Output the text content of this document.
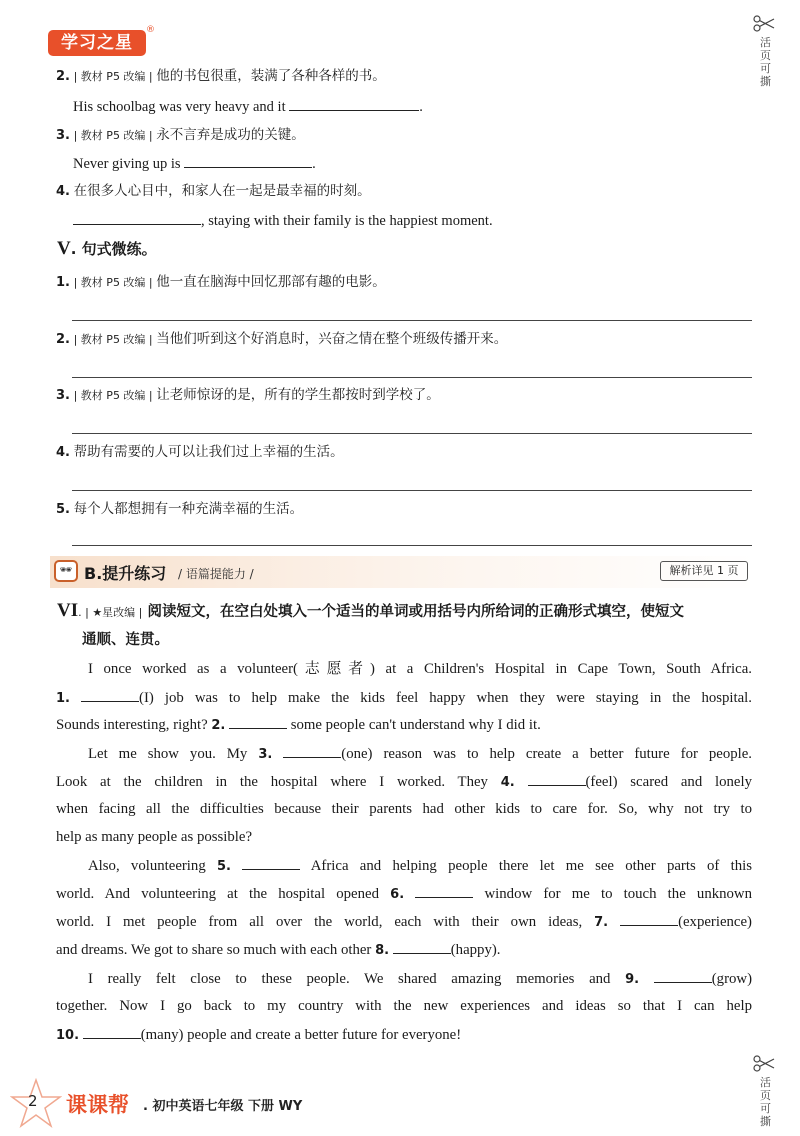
学习之星
®
活页可撕
2. | 教材 P5 改编 | 他的书包很重，装满了各种各样的书。
His schoolbag was very heavy and it	.
3. | 教材 P5 改编 | 永不言弃是成功的关键。
Never giving up is	.
4. 在很多人心目中，和家人在一起是最幸福的时刻。
, staying with their family is the happiest moment.
V. 句式微练。
1. | 教材 P5 改编 | 他一直在脑海中回忆那部有趣的电影。
2. | 教材 P5 改编 | 当他们听到这个好消息时，兴奋之情在整个班级传播开来。
3. | 教材 P5 改编 | 让老师惊讶的是，所有的学生都按时到学校了。
4. 帮助有需要的人可以让我们过上幸福的生活。
5. 每个人都想拥有一种充满幸福的生活。
🕶 B.提升练习 / 语篇提能力 /	解析详见 1 页
VI. | ★星改编 | 阅读短文，在空白处填入一个适当的单词或用括号内所给词的正确形式填空，使短文
通顺、连贯。
I once worked as a volunteer(志愿者) at a Children's Hospital in Cape Town, South Africa.
1.	(I) job was to help make the kids feel happy when they were staying in the hospital.
Sounds interesting, right? 2.	some people can't understand why I did it.
Let me show you. My 3.	(one) reason was to help create a better future for people.
Look at the children in the hospital where I worked. They 4.	(feel) scared and lonely
when facing all the difficulties because their parents had other kids to care for. So, why not try to
help as many people as possible?
Also, volunteering 5.	Africa and helping people there let me see other parts of this
world. And volunteering at the hospital opened 6.	window for me to touch the unknown
world. I met people from all over the world, each with their own ideas, 7.	(experience)
and dreams. We got to share so much with each other 8.	(happy).
I really felt close to these people. We shared amazing memories and 9.	(grow)
together. Now I go back to my country with the new experiences and ideas so that I can help
10.	(many) people and create a better future for everyone!
2 课课帮 . 初中英语七年级 下册 WY
活页可撕
